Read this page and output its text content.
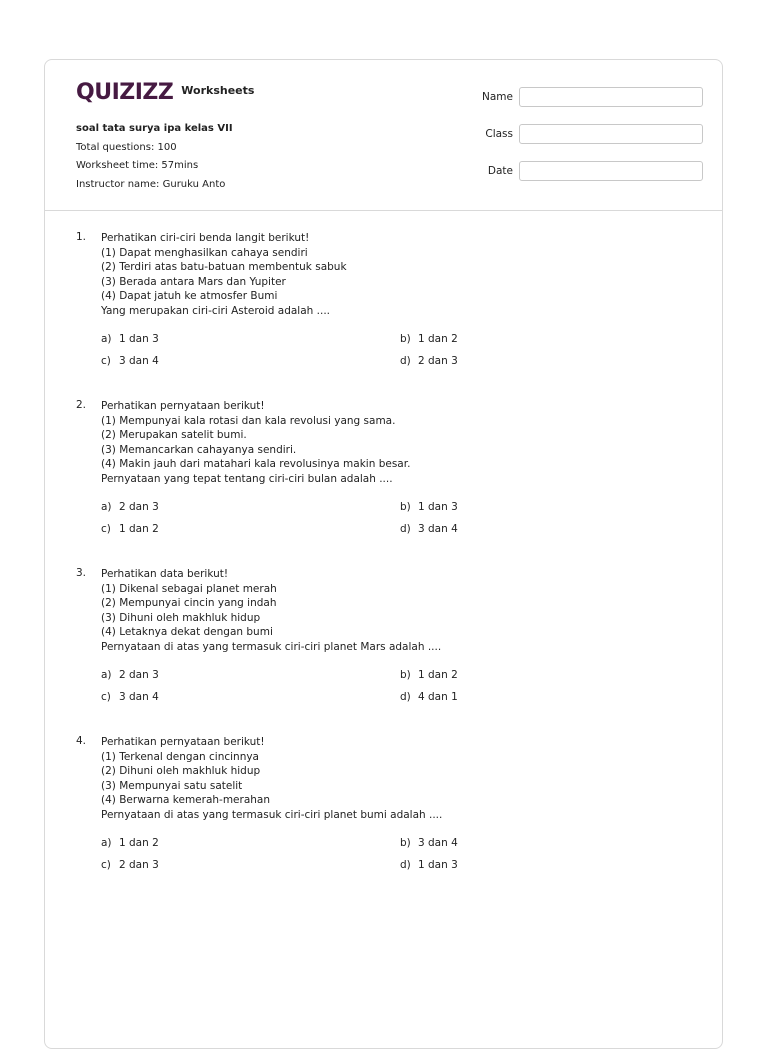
QUIZIZZ Worksheets
soal tata surya ipa kelas VII
Total questions: 100
Worksheet time: 57mins
Instructor name: Guruku Anto
Name
Class
Date
1. Perhatikan ciri-ciri benda langit berikut!
(1) Dapat menghasilkan cahaya sendiri
(2) Terdiri atas batu-batuan membentuk sabuk
(3) Berada antara Mars dan Yupiter
(4) Dapat jatuh ke atmosfer Bumi
Yang merupakan ciri-ciri Asteroid adalah ....
a) 1 dan 3	b) 1 dan 2
c) 3 dan 4	d) 2 dan 3
2. Perhatikan pernyataan berikut!
(1) Mempunyai kala rotasi dan kala revolusi yang sama.
(2) Merupakan satelit bumi.
(3) Memancarkan cahayanya sendiri.
(4) Makin jauh dari matahari kala revolusinya makin besar.
Pernyataan yang tepat tentang ciri-ciri bulan adalah ....
a) 2 dan 3	b) 1 dan 3
c) 1 dan 2	d) 3 dan 4
3. Perhatikan data berikut!
(1) Dikenal sebagai planet merah
(2) Mempunyai cincin yang indah
(3) Dihuni oleh makhluk hidup
(4) Letaknya dekat dengan bumi
Pernyataan di atas yang termasuk ciri-ciri planet Mars adalah ....
a) 2 dan 3	b) 1 dan 2
c) 3 dan 4	d) 4 dan 1
4. Perhatikan pernyataan berikut!
(1) Terkenal dengan cincinnya
(2) Dihuni oleh makhluk hidup
(3) Mempunyai satu satelit
(4) Berwarna kemerah-merahan
Pernyataan di atas yang termasuk ciri-ciri planet bumi adalah ....
a) 1 dan 2	b) 3 dan 4
c) 2 dan 3	d) 1 dan 3
